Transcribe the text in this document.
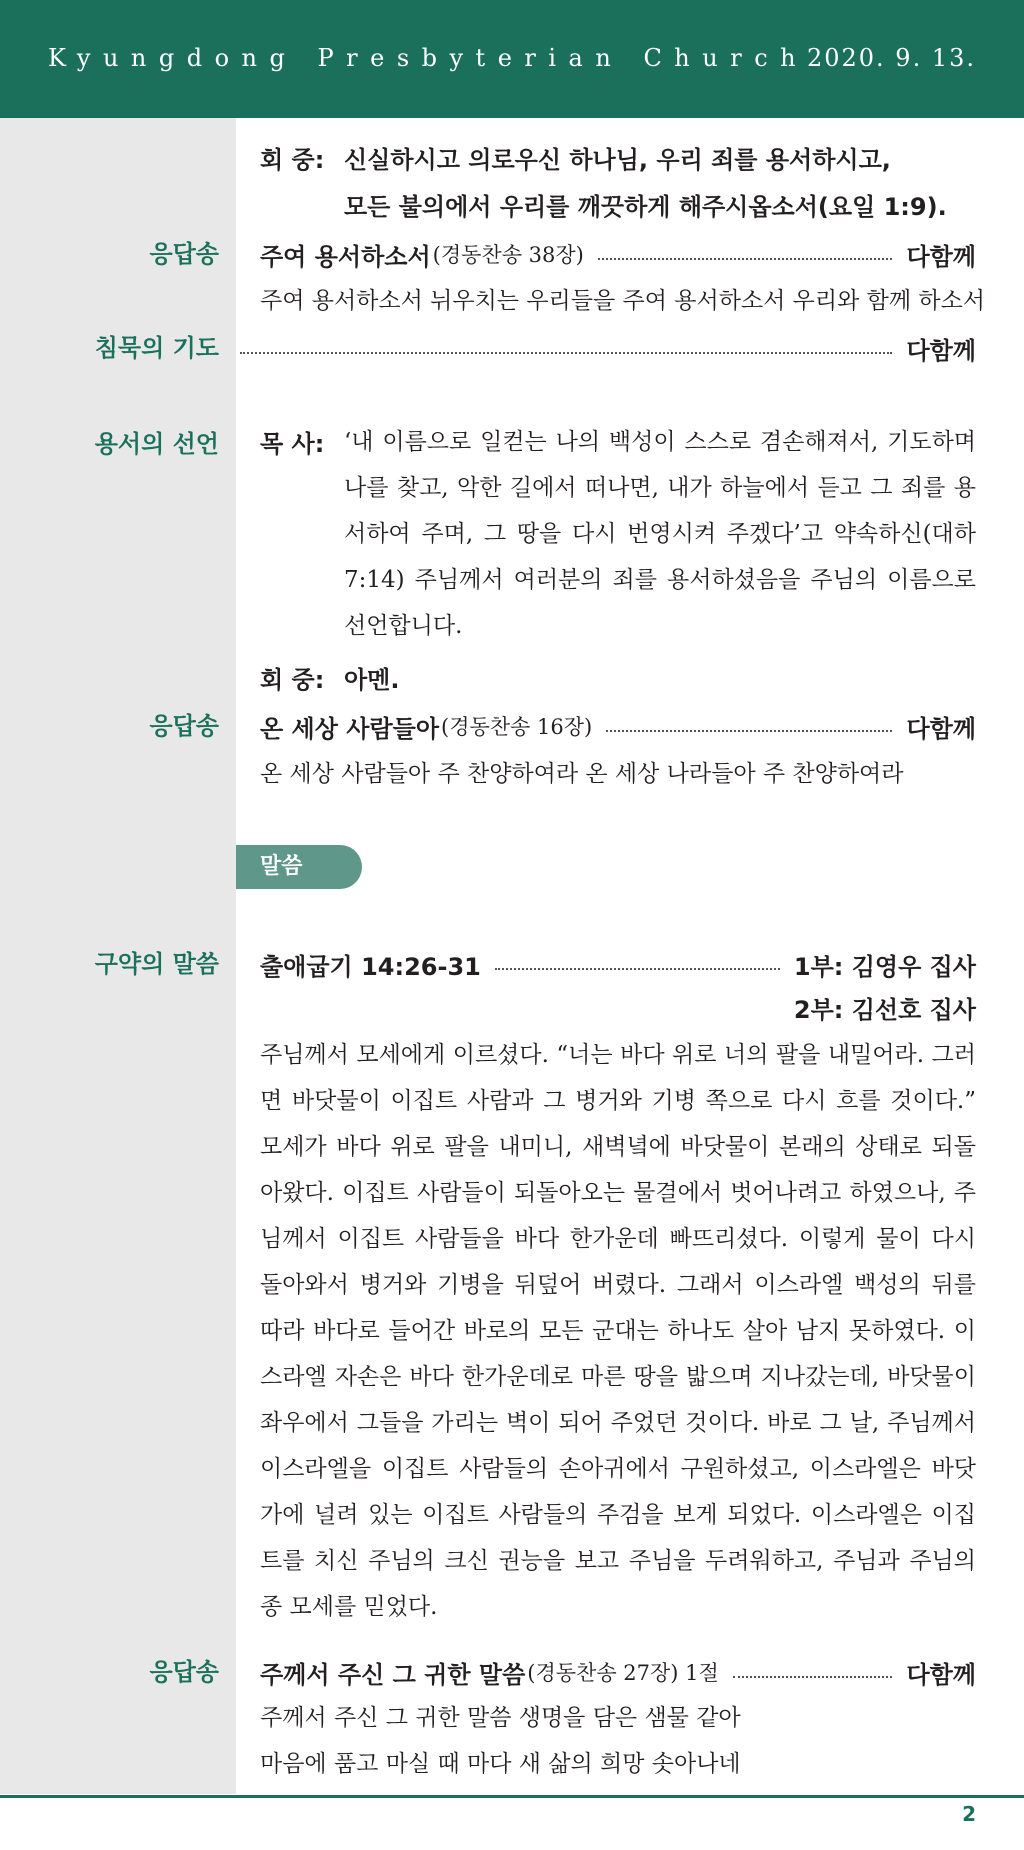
Kyungdong Presbyterian Church
2020. 9. 13.
회 중: 신실하시고 의로우신 하나님, 우리 죄를 용서하시고,
모든 불의에서 우리를 깨끗하게 해주시옵소서(요일 1:9).
응답송 주여 용서하소서 (경동찬송 38장)	다함께
주여 용서하소서 뉘우치는 우리들을 주여 용서하소서 우리와 함께 하소서
침묵의 기도	다함께
용서의 선언 목 사: ‘내 이름으로 일컫는 나의 백성이 스스로 겸손해져서, 기도하며 나를 찾고, 악한 길에서 떠나면, 내가 하늘에서 듣고 그 죄를 용서하여 주며, 그 땅을 다시 번영시켜 주겠다’고 약속하신(대하 7:14) 주님께서 여러분의 죄를 용서하셨음을 주님의 이름으로 선언합니다.
회 중: 아멘.
응답송 온 세상 사람들아 (경동찬송 16장)	다함께
온 세상 사람들아 주 찬양하여라 온 세상 나라들아 주 찬양하여라
말씀
구약의 말씀 출애굽기 14:26-31	1부: 김영우 집사
2부: 김선호 집사
주님께서 모세에게 이르셨다. “너는 바다 위로 너의 팔을 내밀어라. 그러면 바닷물이 이집트 사람과 그 병거와 기병 쪽으로 다시 흐를 것이다.” 모세가 바다 위로 팔을 내미니, 새벽녘에 바닷물이 본래의 상태로 되돌아왔다. 이집트 사람들이 되돌아오는 물결에서 벗어나려고 하였으나, 주님께서 이집트 사람들을 바다 한가운데 빠뜨리셨다. 이렇게 물이 다시 돌아와서 병거와 기병을 뒤덮어 버렸다. 그래서 이스라엘 백성의 뒤를 따라 바다로 들어간 바로의 모든 군대는 하나도 살아 남지 못하였다. 이스라엘 자손은 바다 한가운데로 마른 땅을 밟으며 지나갔는데, 바닷물이 좌우에서 그들을 가리는 벽이 되어 주었던 것이다. 바로 그 날, 주님께서 이스라엘을 이집트 사람들의 손아귀에서 구원하셨고, 이스라엘은 바닷가에 널려 있는 이집트 사람들의 주검을 보게 되었다. 이스라엘은 이집트를 치신 주님의 크신 권능을 보고 주님을 두려워하고, 주님과 주님의 종 모세를 믿었다.
응답송 주께서 주신 그 귀한 말씀 (경동찬송 27장) 1절	다함께
주께서 주신 그 귀한 말씀 생명을 담은 샘물 같아
마음에 품고 마실 때 마다 새 삶의 희망 솟아나네
2
